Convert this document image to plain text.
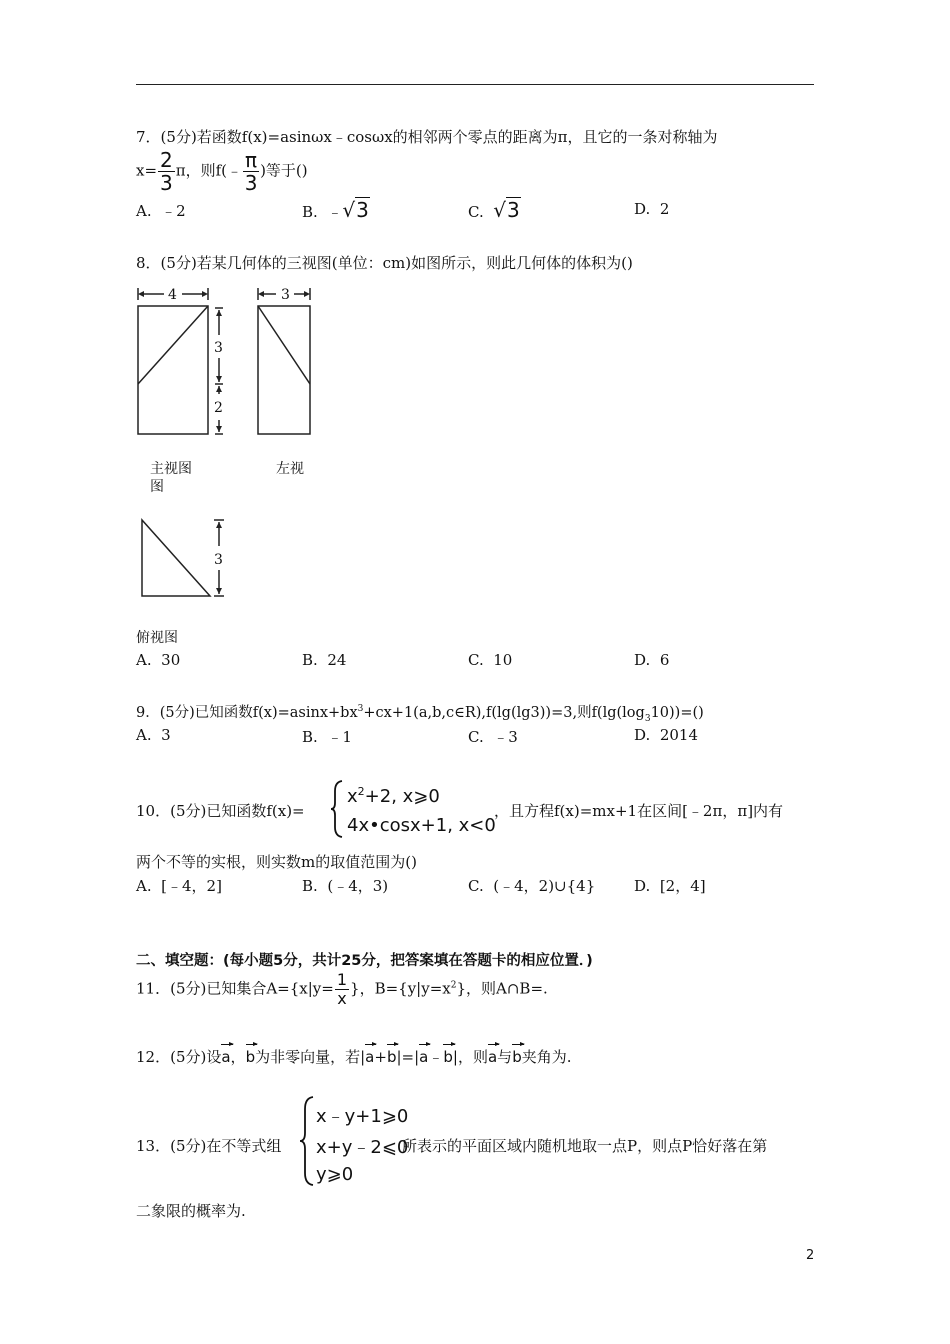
7．(5分)若函数f(x)=asinωx﹣cosωx的相邻两个零点的距离为π，且它的一条对称轴为
$x= \frac{2}{3}$ π，则f(﹣ $\frac{\pi}{3}$ )等于()
A. ﹣2	B. ﹣√3	C. √3	D. 2
8．(5分)若某几何体的三视图(单位：cm)如图所示，则此几何体的体积为()
4	3
3
2
3
主视图
图
左视
俯视图
A. 30	B. 24	C. 10	D. 6
9．(5分)已知函数$f(x)=asinx+bx^3+cx+1(a,b,c\in R),f(\lg(\lg 3))=3$,则$f(\lg(\log_310))=()$
A. 3	B. ﹣1	C. ﹣3	D. 2014
10．(5分)已知函数f(x)=
$x^2+2$, x⩾0
4x•cosx+1, x<0
，且方程f(x)=mx+1在区间[﹣2π，π]内有
两个不等的实根，则实数m的取值范围为()
A. [﹣4，2]	B. (﹣4，3)	C. (﹣4，2)∪{4}	D. [2，4]
二、填空题：(每小题5分，共计25分，把答案填在答题卡的相应位置．)
11．(5分)已知集合$A=\{x|y= \frac{1}{x}$ }，$B=\{y|y=x^2\}$，则A∩B=.
12．(5分)设a，b为非零向量，若|a+b|=|a﹣b|，则a与b夹角为.
13．(5分)在不等式组
x﹣y+1⩾0
x+y﹣2⩽0
y⩾0
所表示的平面区域内随机地取一点P，则点P恰好落在第
二象限的概率为.
2
